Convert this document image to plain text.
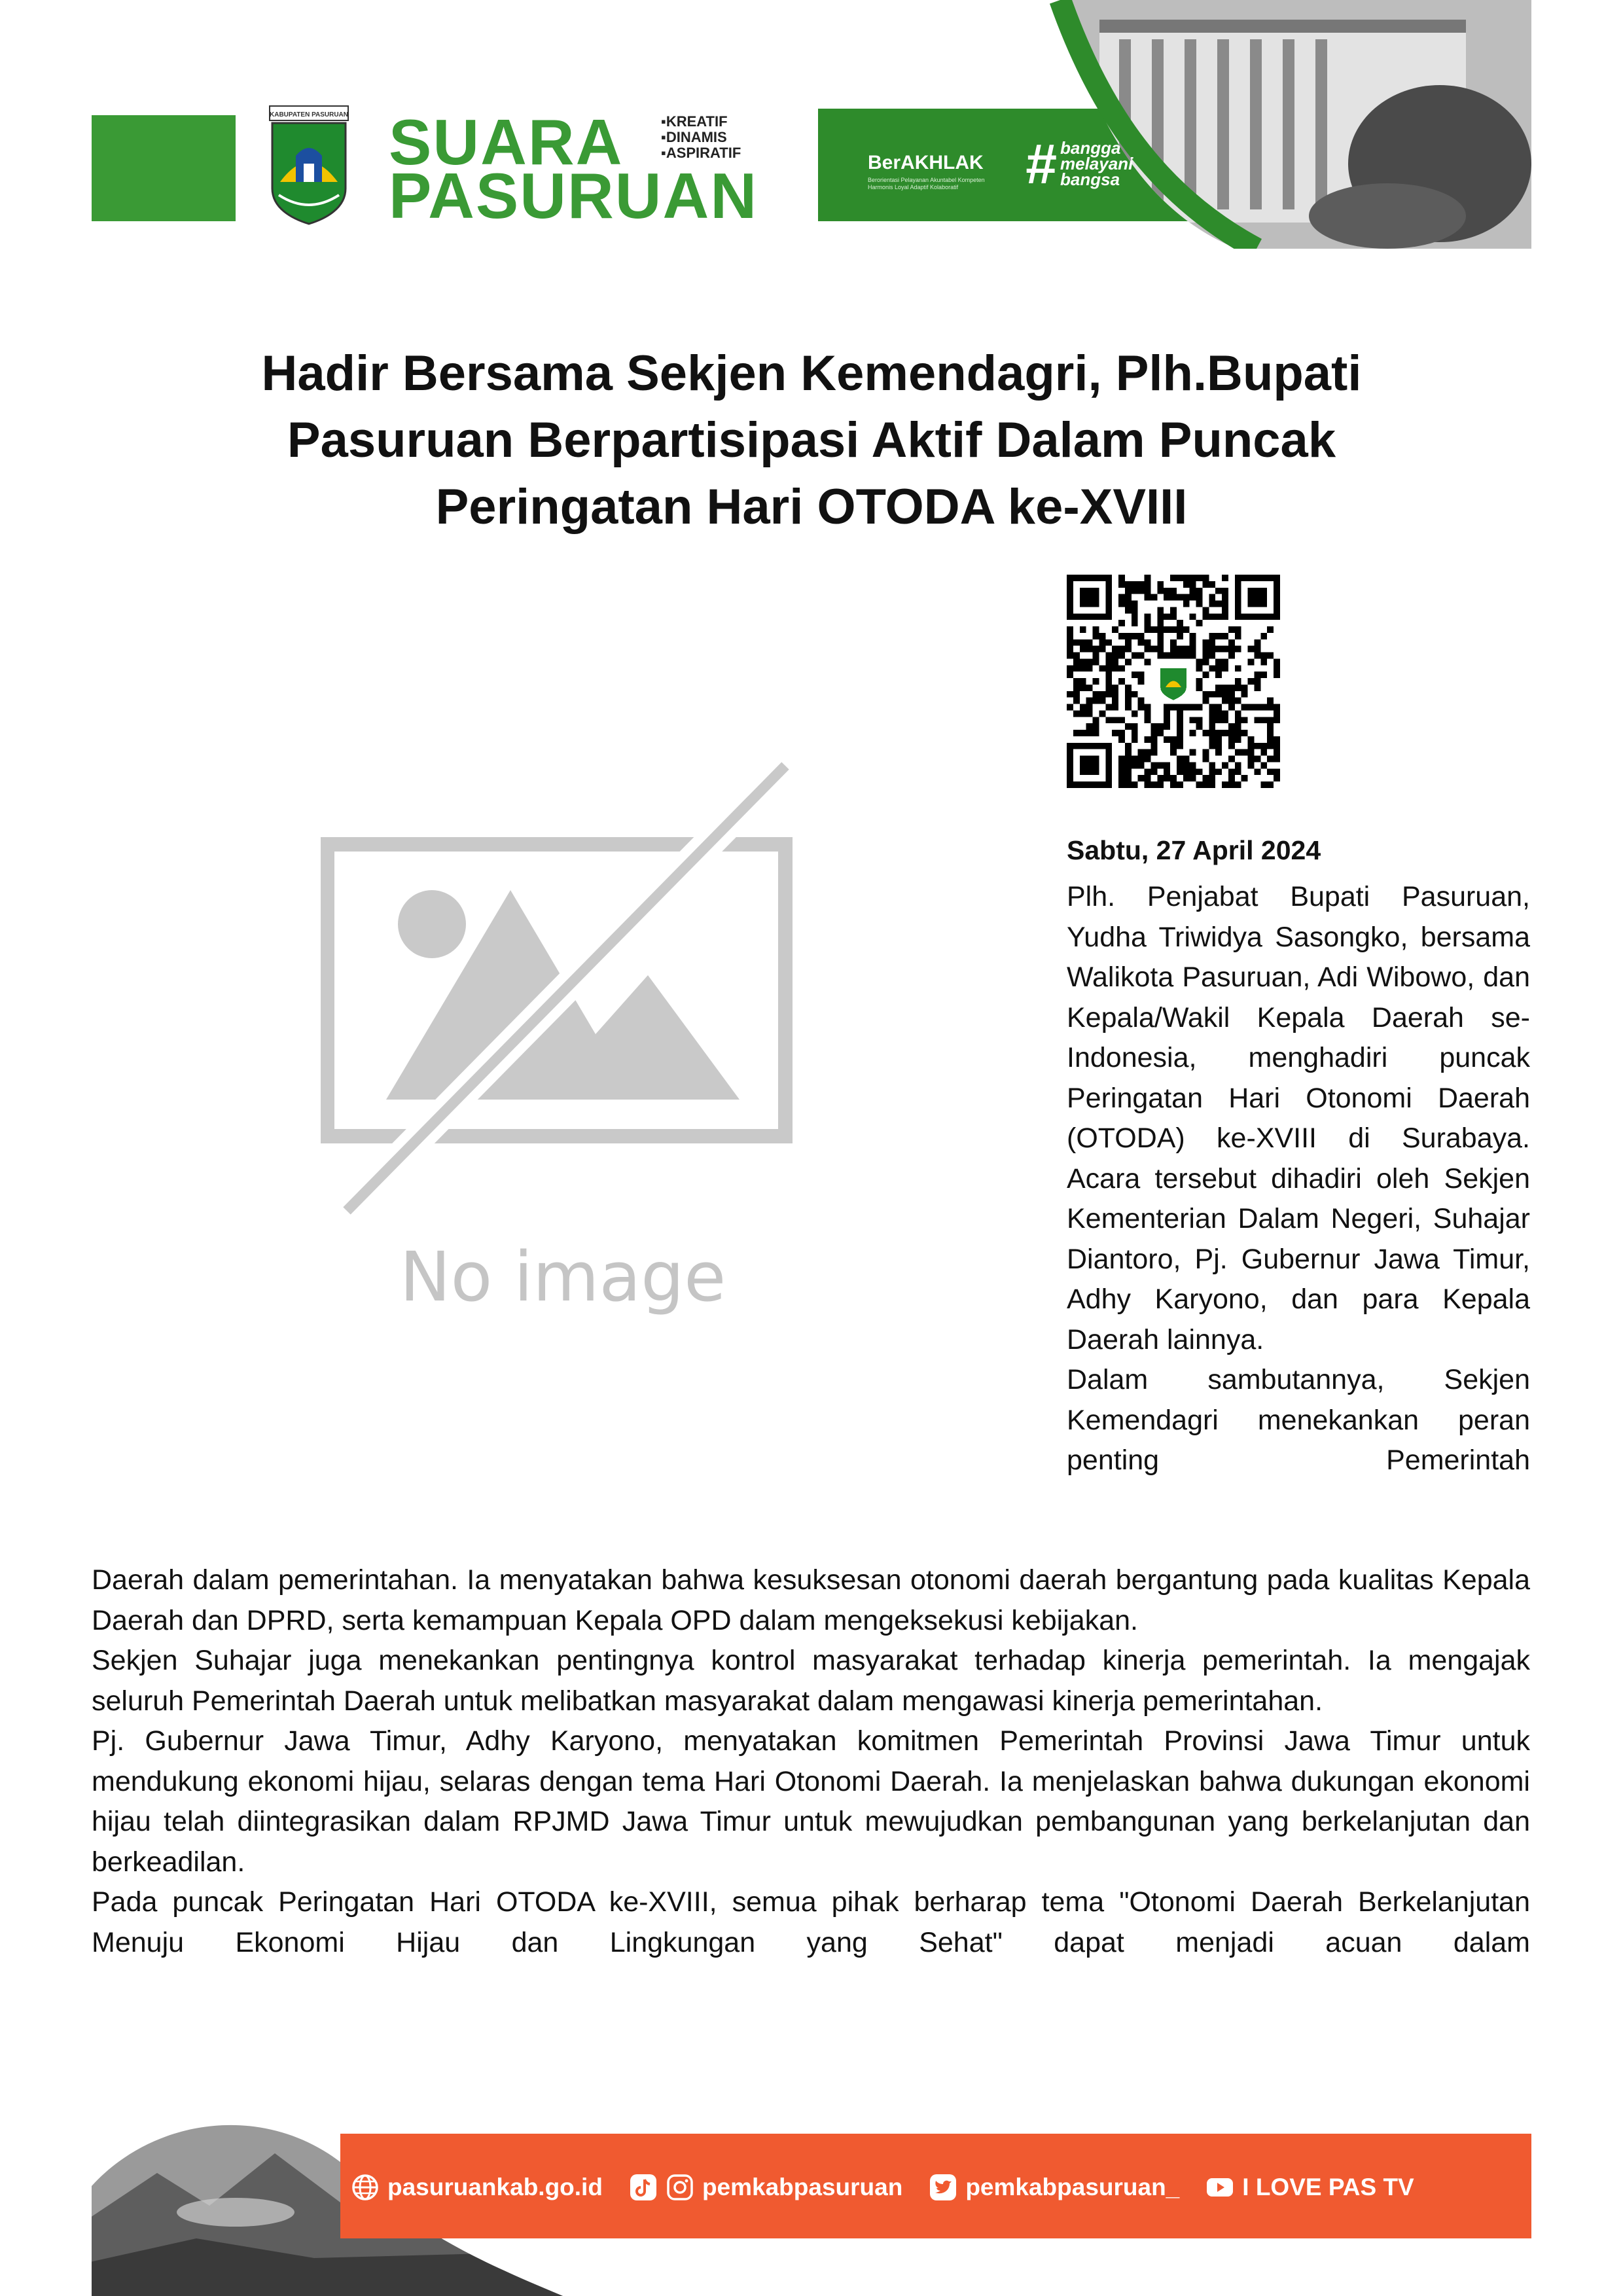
KABUPATEN PASURUAN SUARA
PASURUAN
▪ KREATIF
▪ DINAMIS
▪ ASPIRATIF	BerAKHLAK
Berorientasi Pelayanan Akuntabel Kompeten Harmonis Loyal Adaptif Kolaboratif	# bangga
melayani
bangsa
Hadir Bersama Sekjen Kemendagri, Plh.Bupati
Pasuruan Berpartisipasi Aktif Dalam Puncak
Peringatan Hari OTODA ke-XVIII
No image
Sabtu, 27 April 2024

Plh. Penjabat Bupati Pasuruan, Yudha Triwidya Sasongko, bersama Walikota Pasuruan, Adi Wibowo, dan Kepala/Wakil Kepala Daerah se-Indonesia, menghadiri puncak Peringatan Hari Otonomi Daerah (OTODA) ke-XVIII di Surabaya. Acara tersebut dihadiri oleh Sekjen Kementerian Dalam Negeri, Suhajar Diantoro, Pj. Gubernur Jawa Timur, Adhy Karyono, dan para Kepala Daerah lainnya.

Dalam sambutannya, Sekjen Kemendagri menekankan peran penting Pemerintah

Daerah dalam pemerintahan. Ia menyatakan bahwa kesuksesan otonomi daerah bergantung pada kualitas Kepala Daerah dan DPRD, serta kemampuan Kepala OPD dalam mengeksekusi kebijakan.

Sekjen Suhajar juga menekankan pentingnya kontrol masyarakat terhadap kinerja pemerintah. Ia mengajak seluruh Pemerintah Daerah untuk melibatkan masyarakat dalam mengawasi kinerja pemerintahan.

Pj. Gubernur Jawa Timur, Adhy Karyono, menyatakan komitmen Pemerintah Provinsi Jawa Timur untuk mendukung ekonomi hijau, selaras dengan tema Hari Otonomi Daerah. Ia menjelaskan bahwa dukungan ekonomi hijau telah diintegrasikan dalam RPJMD Jawa Timur untuk mewujudkan pembangunan yang berkelanjutan dan berkeadilan.

Pada puncak Peringatan Hari OTODA ke-XVIII, semua pihak berharap tema "Otonomi Daerah Berkelanjutan Menuju Ekonomi Hijau dan Lingkungan yang Sehat" dapat menjadi acuan dalam

pasuruankab.go.id	pemkabpasuruan	pemkabpasuruan_	I LOVE PAS TV
